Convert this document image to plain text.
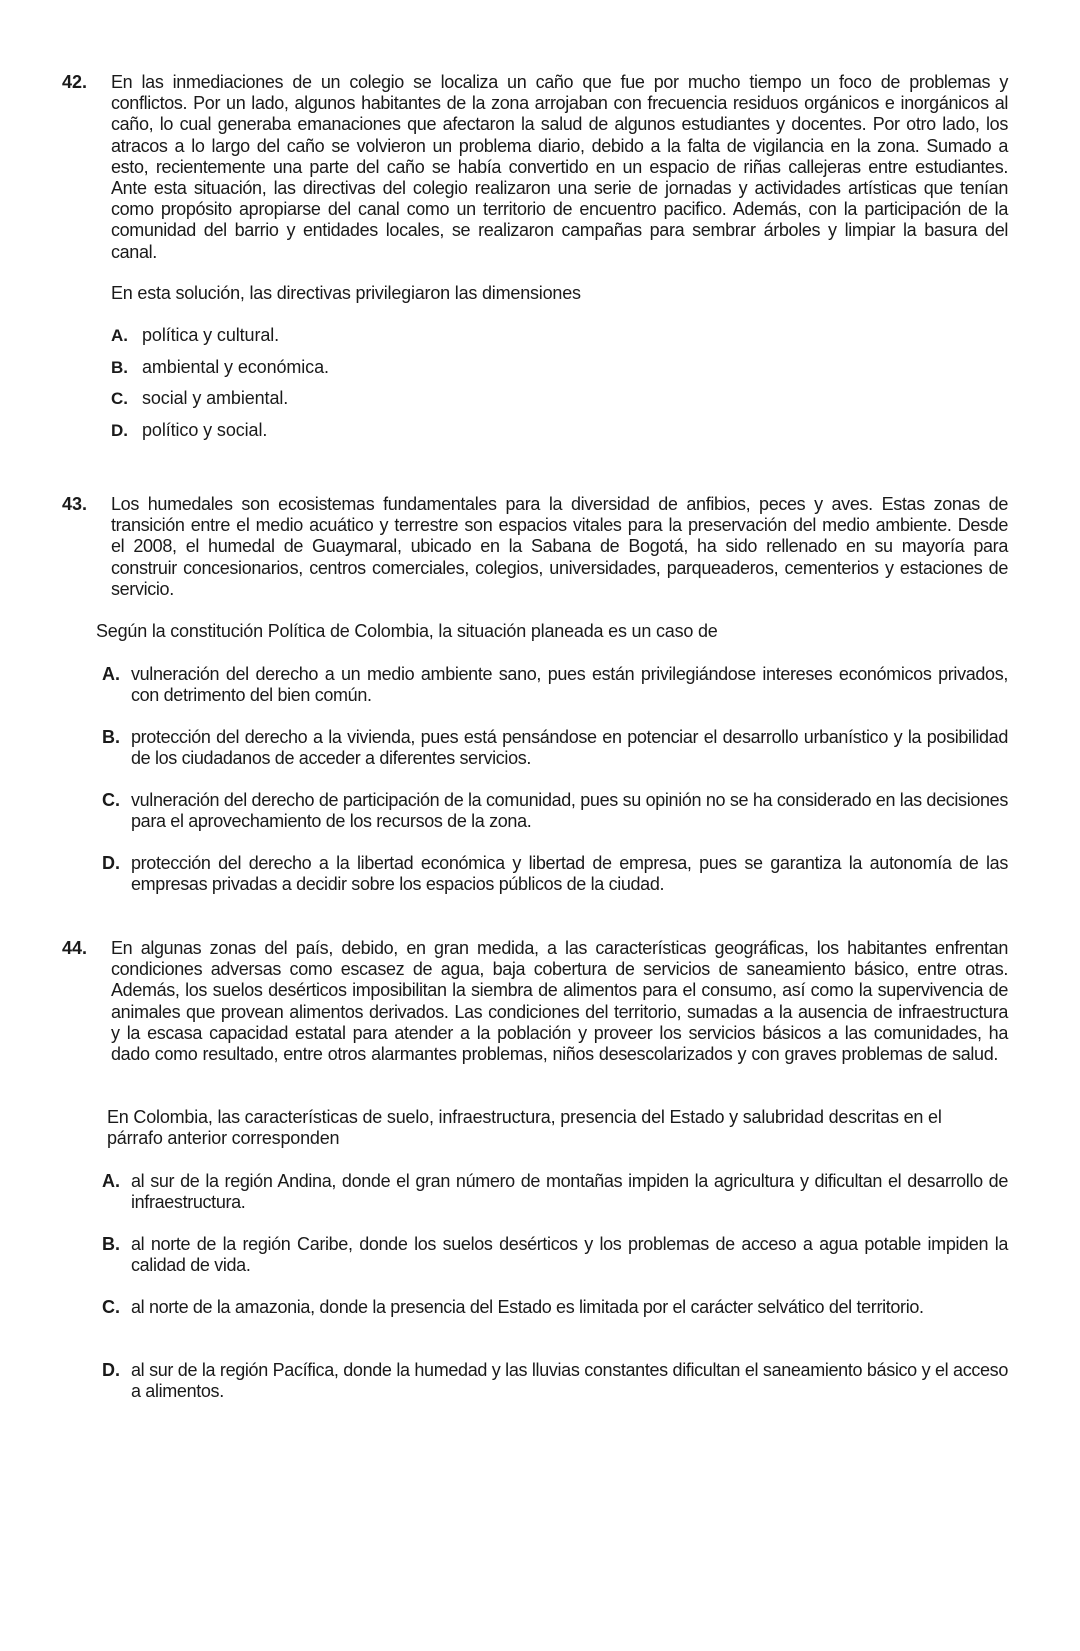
42. En las inmediaciones de un colegio se localiza un caño que fue por mucho tiempo un foco de problemas y conflictos. Por un lado, algunos habitantes de la zona arrojaban con frecuencia residuos orgánicos e inorgánicos al caño, lo cual generaba emanaciones que afectaron la salud de algunos estudiantes y docentes. Por otro lado, los atracos a lo largo del caño se volvieron un problema diario, debido a la falta de vigilancia en la zona. Sumado a esto, recientemente una parte del caño se había convertido en un espacio de riñas callejeras entre estudiantes. Ante esta situación, las directivas del colegio realizaron una serie de jornadas y actividades artísticas que tenían como propósito apropiarse del canal como un territorio de encuentro pacifico. Además, con la participación de la comunidad del barrio y entidades locales, se realizaron campañas para sembrar árboles y limpiar la basura del canal.
En esta solución, las directivas privilegiaron las dimensiones
A. política y cultural.
B. ambiental y económica.
C. social y ambiental.
D. político y social.
43. Los humedales son ecosistemas fundamentales para la diversidad de anfibios, peces y aves. Estas zonas de transición entre el medio acuático y terrestre son espacios vitales para la preservación del medio ambiente. Desde el 2008, el humedal de Guaymaral, ubicado en la Sabana de Bogotá, ha sido rellenado en su mayoría para construir concesionarios, centros comerciales, colegios, universidades, parqueaderos, cementerios y estaciones de servicio.
Según la constitución Política de Colombia, la situación planeada es un caso de
A. vulneración del derecho a un medio ambiente sano, pues están privilegiándose intereses económicos privados, con detrimento del bien común.
B. protección del derecho a la vivienda, pues está pensándose en potenciar el desarrollo urbanístico y la posibilidad de los ciudadanos de acceder a diferentes servicios.
C. vulneración del derecho de participación de la comunidad, pues su opinión no se ha considerado en las decisiones para el aprovechamiento de los recursos de la zona.
D. protección del derecho a la libertad económica y libertad de empresa, pues se garantiza la autonomía de las empresas privadas a decidir sobre los espacios públicos de la ciudad.
44. En algunas zonas del país, debido, en gran medida, a las características geográficas, los habitantes enfrentan condiciones adversas como escasez de agua, baja cobertura de servicios de saneamiento básico, entre otras. Además, los suelos desérticos imposibilitan la siembra de alimentos para el consumo, así como la supervivencia de animales que provean alimentos derivados. Las condiciones del territorio, sumadas a la ausencia de infraestructura y la escasa capacidad estatal para atender a la población y proveer los servicios básicos a las comunidades, ha dado como resultado, entre otros alarmantes problemas, niños desescolarizados y con graves problemas de salud.
En Colombia, las características de suelo, infraestructura, presencia del Estado y salubridad descritas en el párrafo anterior corresponden
A. al sur de la región Andina, donde el gran número de montañas impiden la agricultura y dificultan el desarrollo de infraestructura.
B. al norte de la región Caribe, donde los suelos desérticos y los problemas de acceso a agua potable impiden la calidad de vida.
C. al norte de la amazonia, donde la presencia del Estado es limitada por el carácter selvático del territorio.
D. al sur de la región Pacífica, donde la humedad y las lluvias constantes dificultan el saneamiento básico y el acceso a alimentos.
